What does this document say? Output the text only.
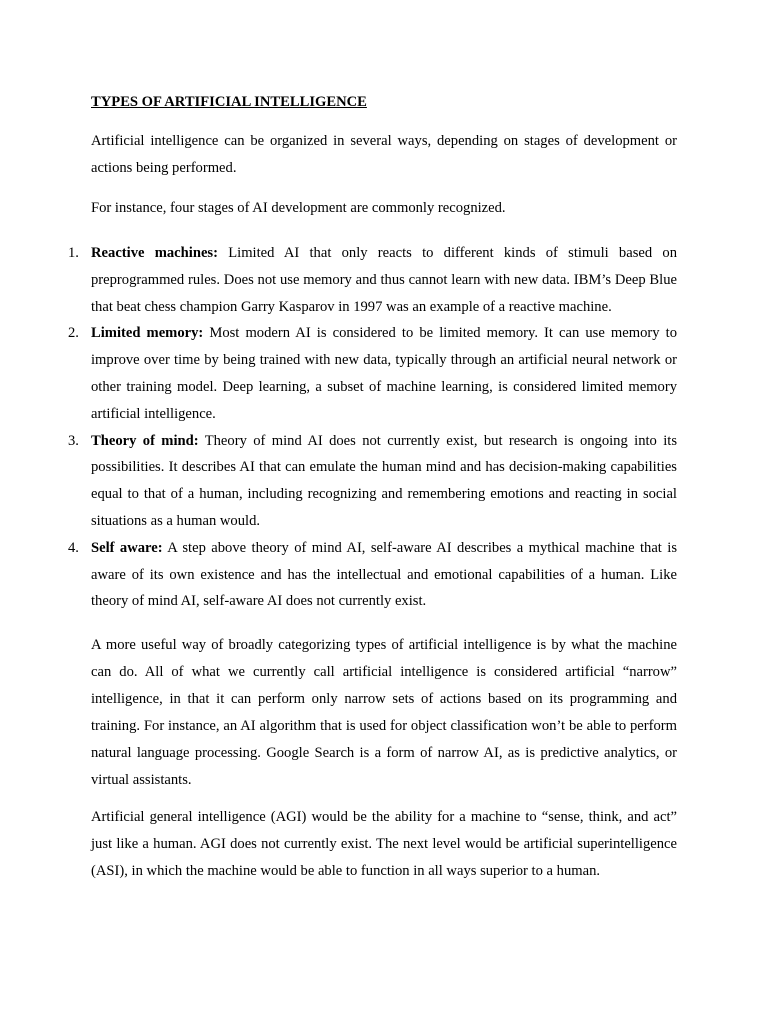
TYPES OF ARTIFICIAL INTELLIGENCE

Artificial intelligence can be organized in several ways, depending on stages of development or actions being performed.

For instance, four stages of AI development are commonly recognized.

1. Reactive machines: Limited AI that only reacts to different kinds of stimuli based on preprogrammed rules. Does not use memory and thus cannot learn with new data. IBM’s Deep Blue that beat chess champion Garry Kasparov in 1997 was an example of a reactive machine.
2. Limited memory: Most modern AI is considered to be limited memory. It can use memory to improve over time by being trained with new data, typically through an artificial neural network or other training model. Deep learning, a subset of machine learning, is considered limited memory artificial intelligence.
3. Theory of mind: Theory of mind AI does not currently exist, but research is ongoing into its possibilities. It describes AI that can emulate the human mind and has decision-making capabilities equal to that of a human, including recognizing and remembering emotions and reacting in social situations as a human would.
4. Self aware: A step above theory of mind AI, self-aware AI describes a mythical machine that is aware of its own existence and has the intellectual and emotional capabilities of a human. Like theory of mind AI, self-aware AI does not currently exist.

A more useful way of broadly categorizing types of artificial intelligence is by what the machine can do. All of what we currently call artificial intelligence is considered artificial “narrow” intelligence, in that it can perform only narrow sets of actions based on its programming and training. For instance, an AI algorithm that is used for object classification won’t be able to perform natural language processing. Google Search is a form of narrow AI, as is predictive analytics, or virtual assistants.

Artificial general intelligence (AGI) would be the ability for a machine to “sense, think, and act” just like a human. AGI does not currently exist. The next level would be artificial superintelligence (ASI), in which the machine would be able to function in all ways superior to a human.
